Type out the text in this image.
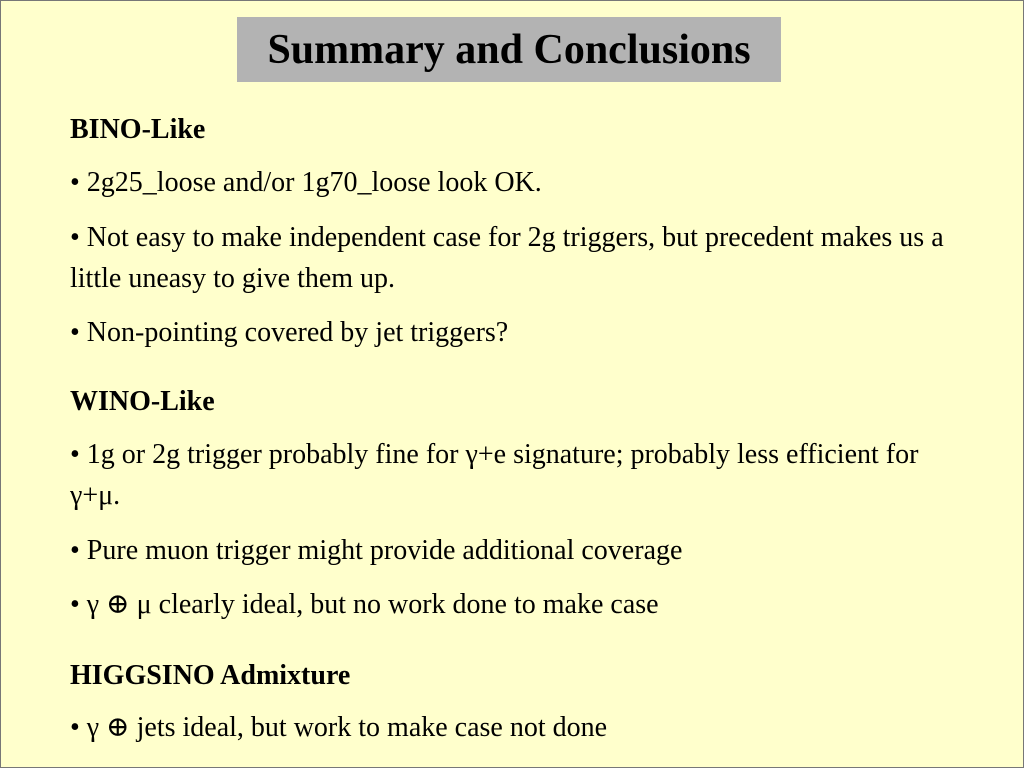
Summary and Conclusions
BINO-Like
• 2g25_loose and/or 1g70_loose look OK.
• Not easy to make independent case for 2g triggers, but precedent makes us a little uneasy to give them up.
• Non-pointing covered by jet triggers?
WINO-Like
• 1g or 2g trigger probably fine for γ+e signature; probably less efficient for γ+μ.
• Pure muon trigger might provide additional coverage
• γ ⊕ μ clearly ideal, but no work done to make case
HIGGSINO Admixture
• γ ⊕ jets ideal, but work to make case not done
